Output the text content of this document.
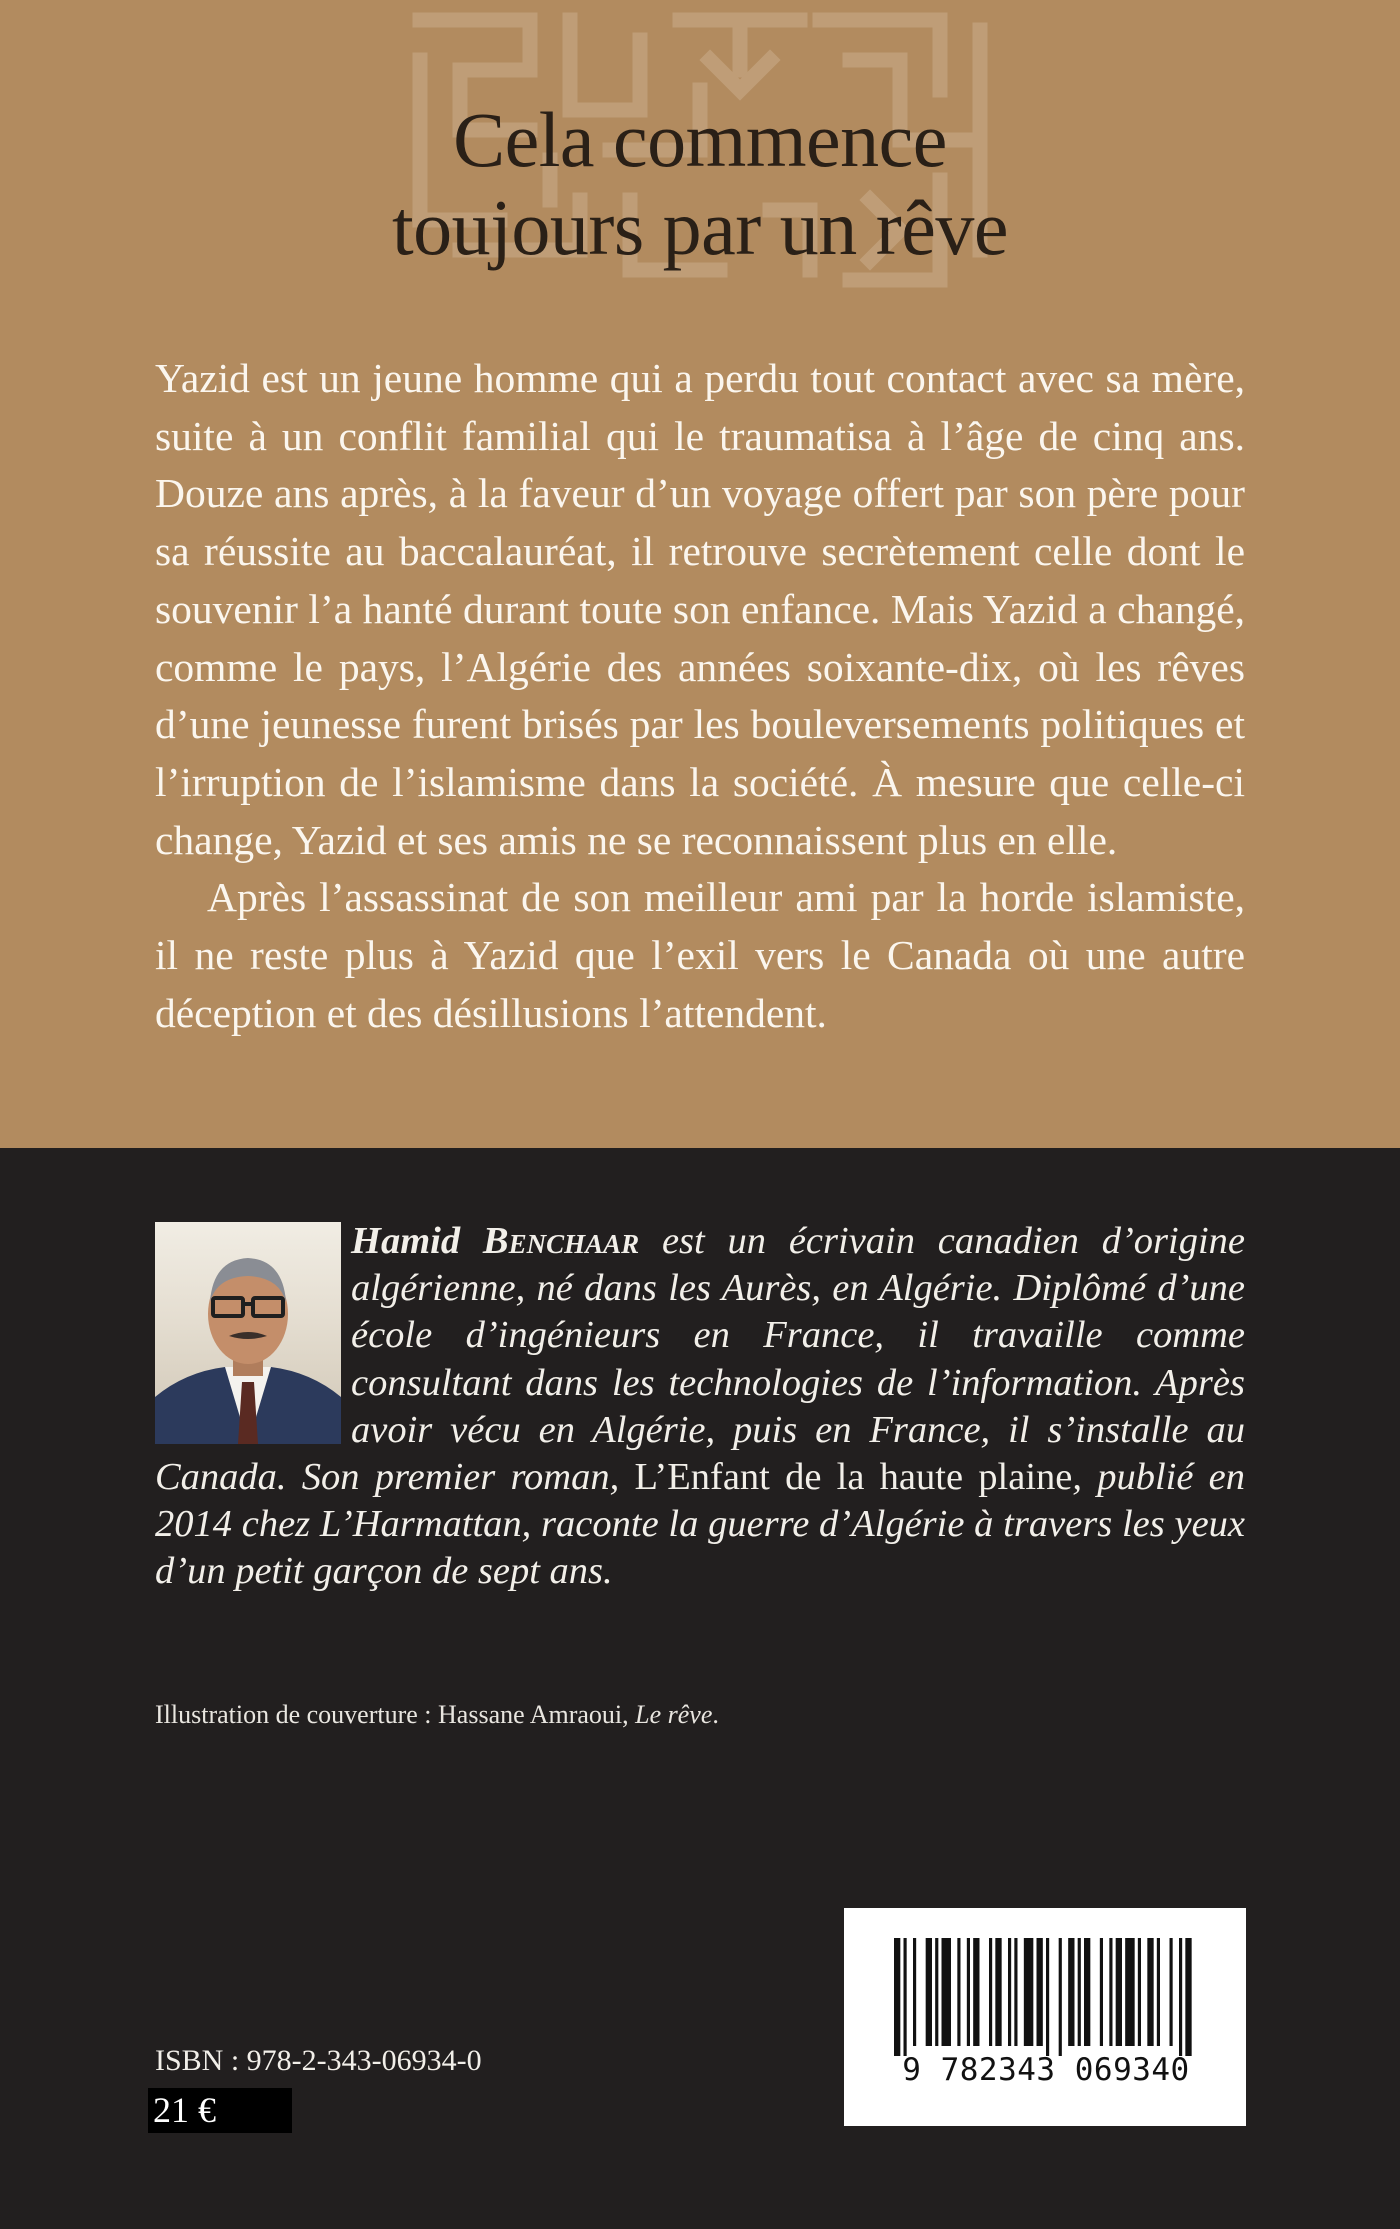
Cela commence
toujours par un rêve

Yazid est un jeune homme qui a perdu tout contact avec sa mère, suite à un conflit familial qui le traumatisa à l’âge de cinq ans. Douze ans après, à la faveur d’un voyage offert par son père pour sa réussite au baccalauréat, il retrouve secrètement celle dont le souvenir l’a hanté durant toute son enfance. Mais Yazid a changé, comme le pays, l’Algérie des années soixante-dix, où les rêves d’une jeunesse furent brisés par les bouleversements politiques et l’irruption de l’islamisme dans la société. À mesure que celle-ci change, Yazid et ses amis ne se reconnaissent plus en elle.

Après l’assassinat de son meilleur ami par la horde islamiste, il ne reste plus à Yazid que l’exil vers le Canada où une autre déception et des désillusions l’attendent.

Hamid Benchaar est un écrivain canadien d’origine algérienne, né dans les Aurès, en Algérie. Diplômé d’une école d’ingénieurs en France, il travaille comme consultant dans les technologies de l’information. Après avoir vécu en Algérie, puis en France, il s’installe au Canada. Son premier roman, L’Enfant de la haute plaine, publié en 2014 chez L’Harmattan, raconte la guerre d’Algérie à travers les yeux d’un petit garçon de sept ans.
Illustration de couverture : Hassane Amraoui, Le rêve.
9 782343 069340
ISBN : 978-2-343-06934-0
21 €
